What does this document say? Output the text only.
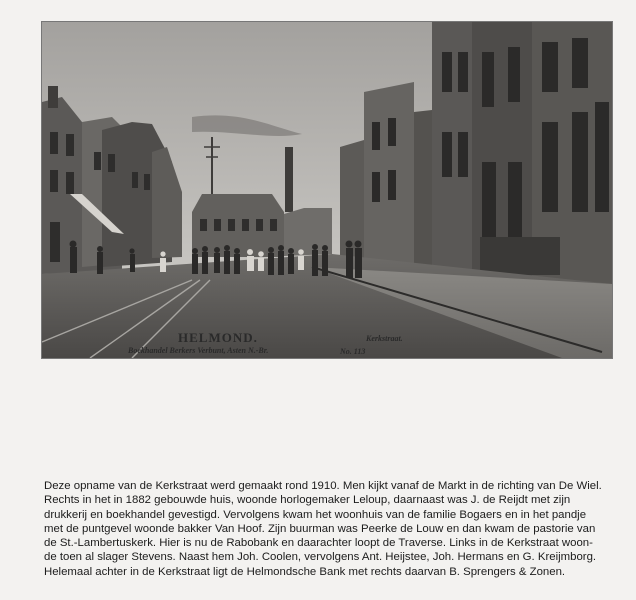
HELMOND.	Kerkstraat.
Boekhandel Berkers Verbunt, Asten N.-Br.	No. 113
Deze opname van de Kerkstraat werd gemaakt rond 1910. Men kijkt vanaf de Markt in de richting van De Wiel.
Rechts in het in 1882 gebouwde huis, woonde horlogemaker Leloup, daarnaast was J. de Reijdt met zijn
drukkerij en boekhandel gevestigd. Vervolgens kwam het woonhuis van de familie Bogaers en in het pandje
met de puntgevel woonde bakker Van Hoof. Zijn buurman was Peerke de Louw en dan kwam de pastorie van
de St.-Lambertuskerk. Hier is nu de Rabobank en daarachter loopt de Traverse. Links in de Kerkstraat woon-
de toen al slager Stevens. Naast hem Joh. Coolen, vervolgens Ant. Heijstee, Joh. Hermans en G. Kreijmborg.
Helemaal achter in de Kerkstraat ligt de Helmondsche Bank met rechts daarvan B. Sprengers & Zonen.
